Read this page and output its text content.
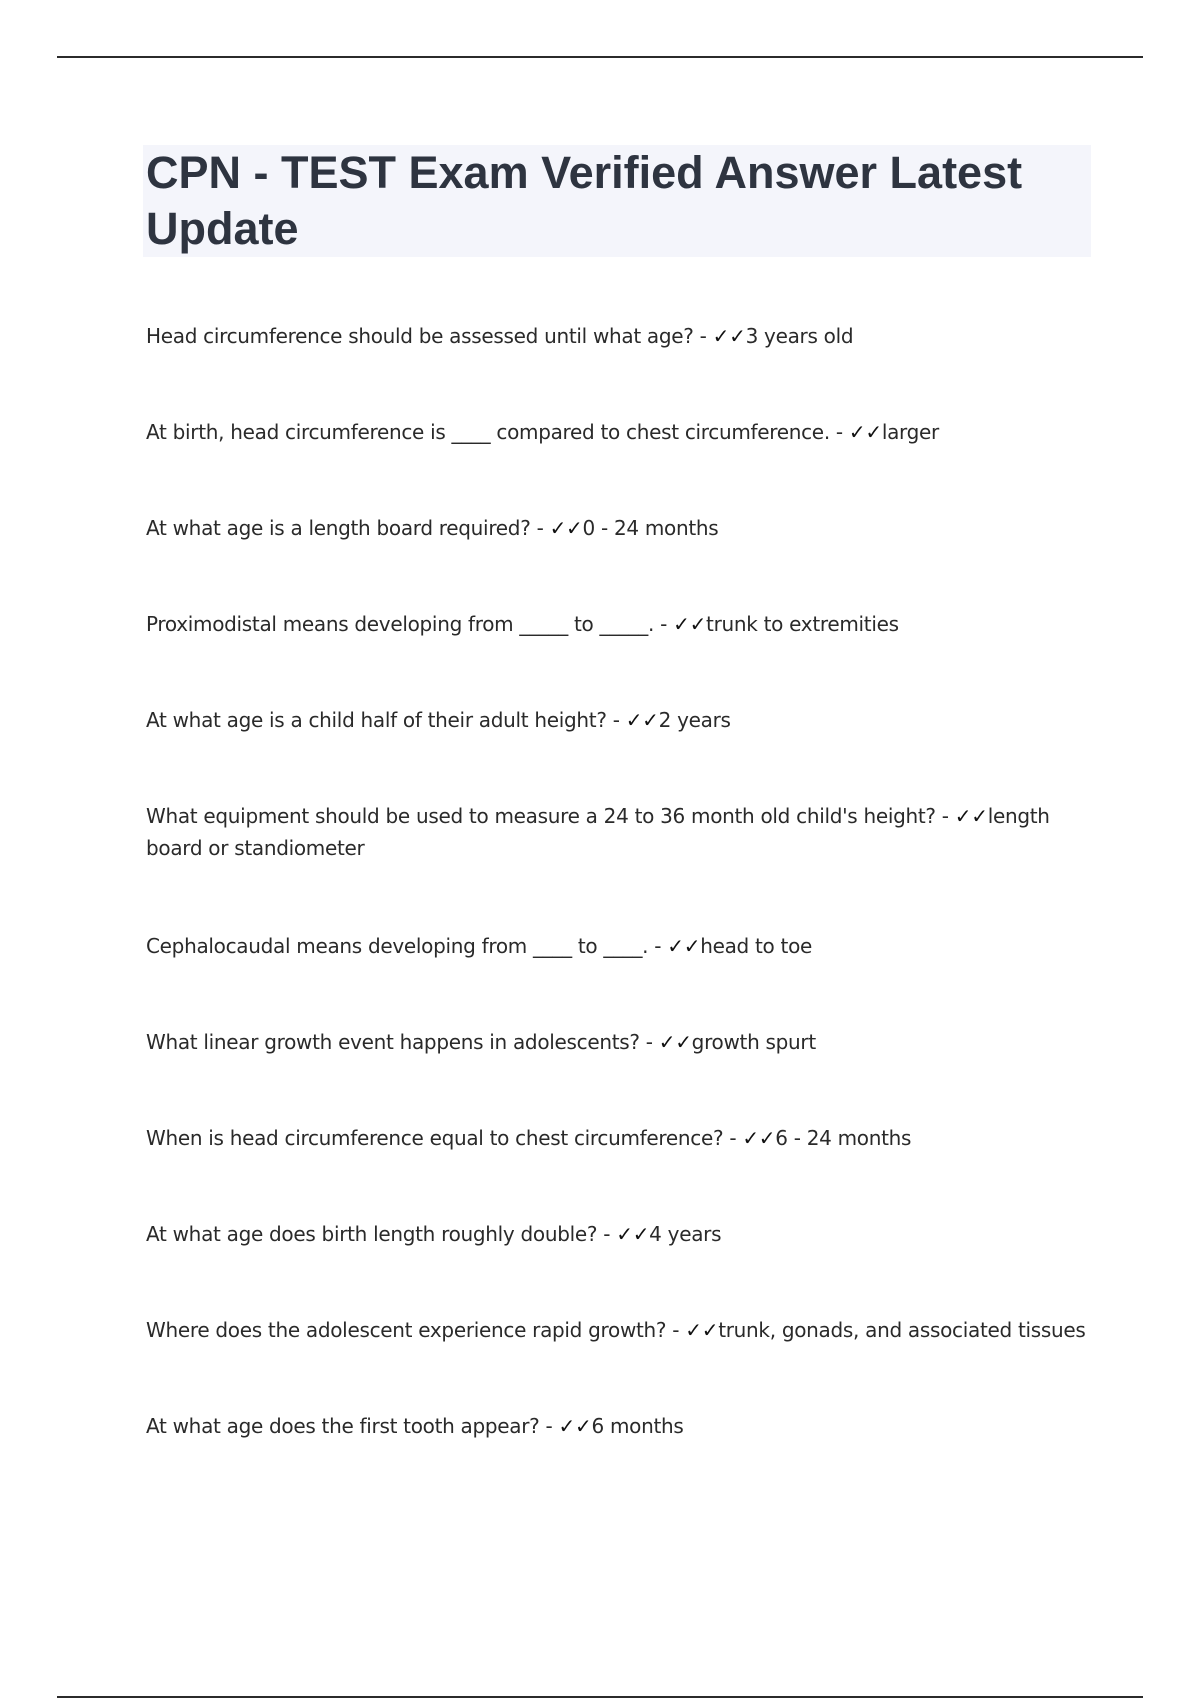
CPN - TEST Exam Verified Answer Latest Update
Head circumference should be assessed until what age? - ✓✓3 years old
At birth, head circumference is ____ compared to chest circumference. - ✓✓larger
At what age is a length board required? - ✓✓0 - 24 months
Proximodistal means developing from _____ to _____. - ✓✓trunk to extremities
At what age is a child half of their adult height? - ✓✓2 years
What equipment should be used to measure a 24 to 36 month old child's height? - ✓✓length board or standiometer
Cephalocaudal means developing from ____ to ____. - ✓✓head to toe
What linear growth event happens in adolescents? - ✓✓growth spurt
When is head circumference equal to chest circumference? - ✓✓6 - 24 months
At what age does birth length roughly double? - ✓✓4 years
Where does the adolescent experience rapid growth? - ✓✓trunk, gonads, and associated tissues
At what age does the first tooth appear? - ✓✓6 months
